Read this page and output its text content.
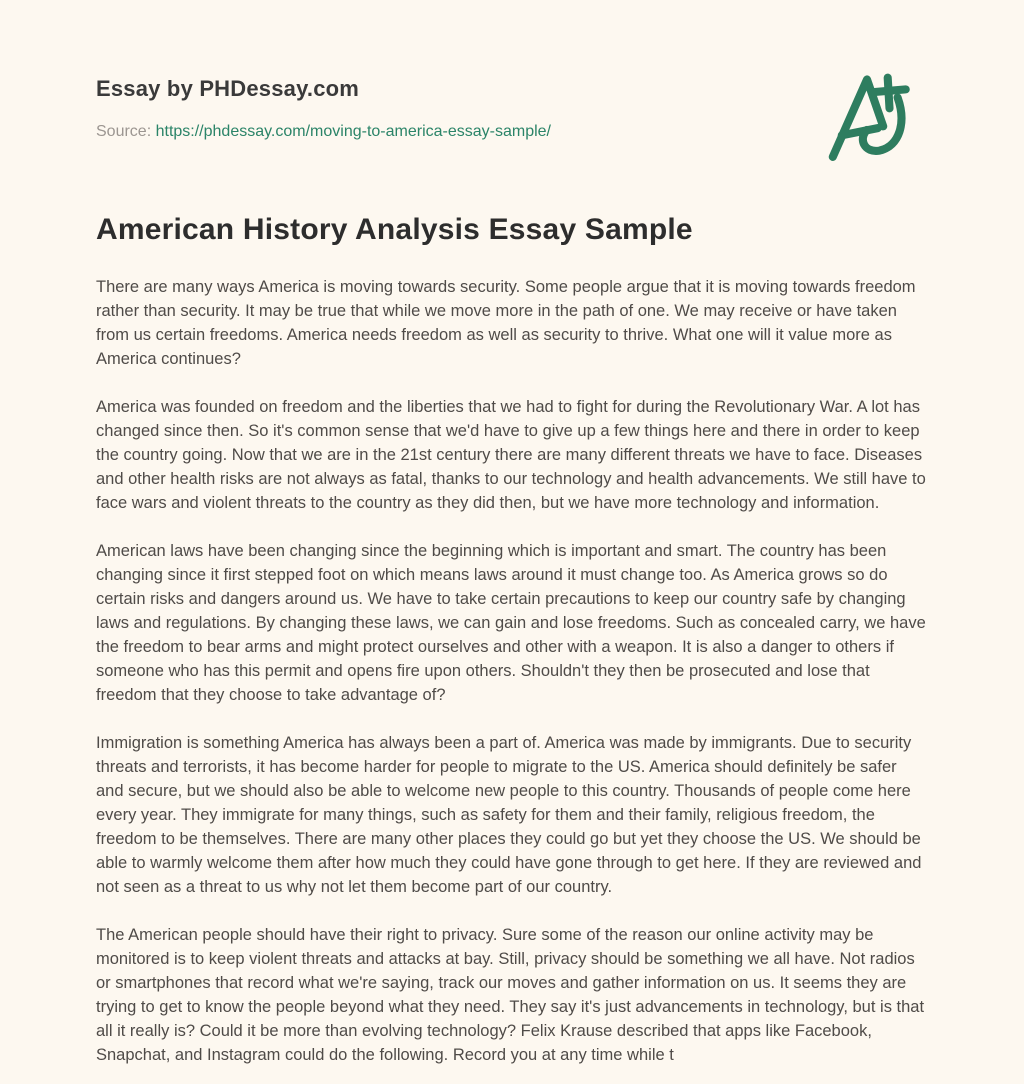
Essay by PHDessay.com
Source: https://phdessay.com/moving-to-america-essay-sample/
American History Analysis Essay Sample

There are many ways America is moving towards security. Some people argue that it is moving towards freedom rather than security. It may be true that while we move more in the path of one. We may receive or have taken from us certain freedoms. America needs freedom as well as security to thrive. What one will it value more as America continues?

America was founded on freedom and the liberties that we had to fight for during the Revolutionary War. A lot has changed since then. So it's common sense that we'd have to give up a few things here and there in order to keep the country going. Now that we are in the 21st century there are many different threats we have to face. Diseases and other health risks are not always as fatal, thanks to our technology and health advancements. We still have to face wars and violent threats to the country as they did then, but we have more technology and information.

American laws have been changing since the beginning which is important and smart. The country has been changing since it first stepped foot on which means laws around it must change too. As America grows so do certain risks and dangers around us. We have to take certain precautions to keep our country safe by changing laws and regulations. By changing these laws, we can gain and lose freedoms. Such as concealed carry, we have the freedom to bear arms and might protect ourselves and other with a weapon. It is also a danger to others if someone who has this permit and opens fire upon others. Shouldn't they then be prosecuted and lose that freedom that they choose to take advantage of?

Immigration is something America has always been a part of. America was made by immigrants. Due to security threats and terrorists, it has become harder for people to migrate to the US. America should definitely be safer and secure, but we should also be able to welcome new people to this country. Thousands of people come here every year. They immigrate for many things, such as safety for them and their family, religious freedom, the freedom to be themselves. There are many other places they could go but yet they choose the US. We should be able to warmly welcome them after how much they could have gone through to get here. If they are reviewed and not seen as a threat to us why not let them become part of our country.

The American people should have their right to privacy. Sure some of the reason our online activity may be monitored is to keep violent threats and attacks at bay. Still, privacy should be something we all have. Not radios or smartphones that record what we're saying, track our moves and gather information on us. It seems they are trying to get to know the people beyond what they need. They say it's just advancements in technology, but is that all it really is? Could it be more than evolving technology? Felix Krause described that apps like Facebook, Snapchat, and Instagram could do the following. Record you at any time while t
